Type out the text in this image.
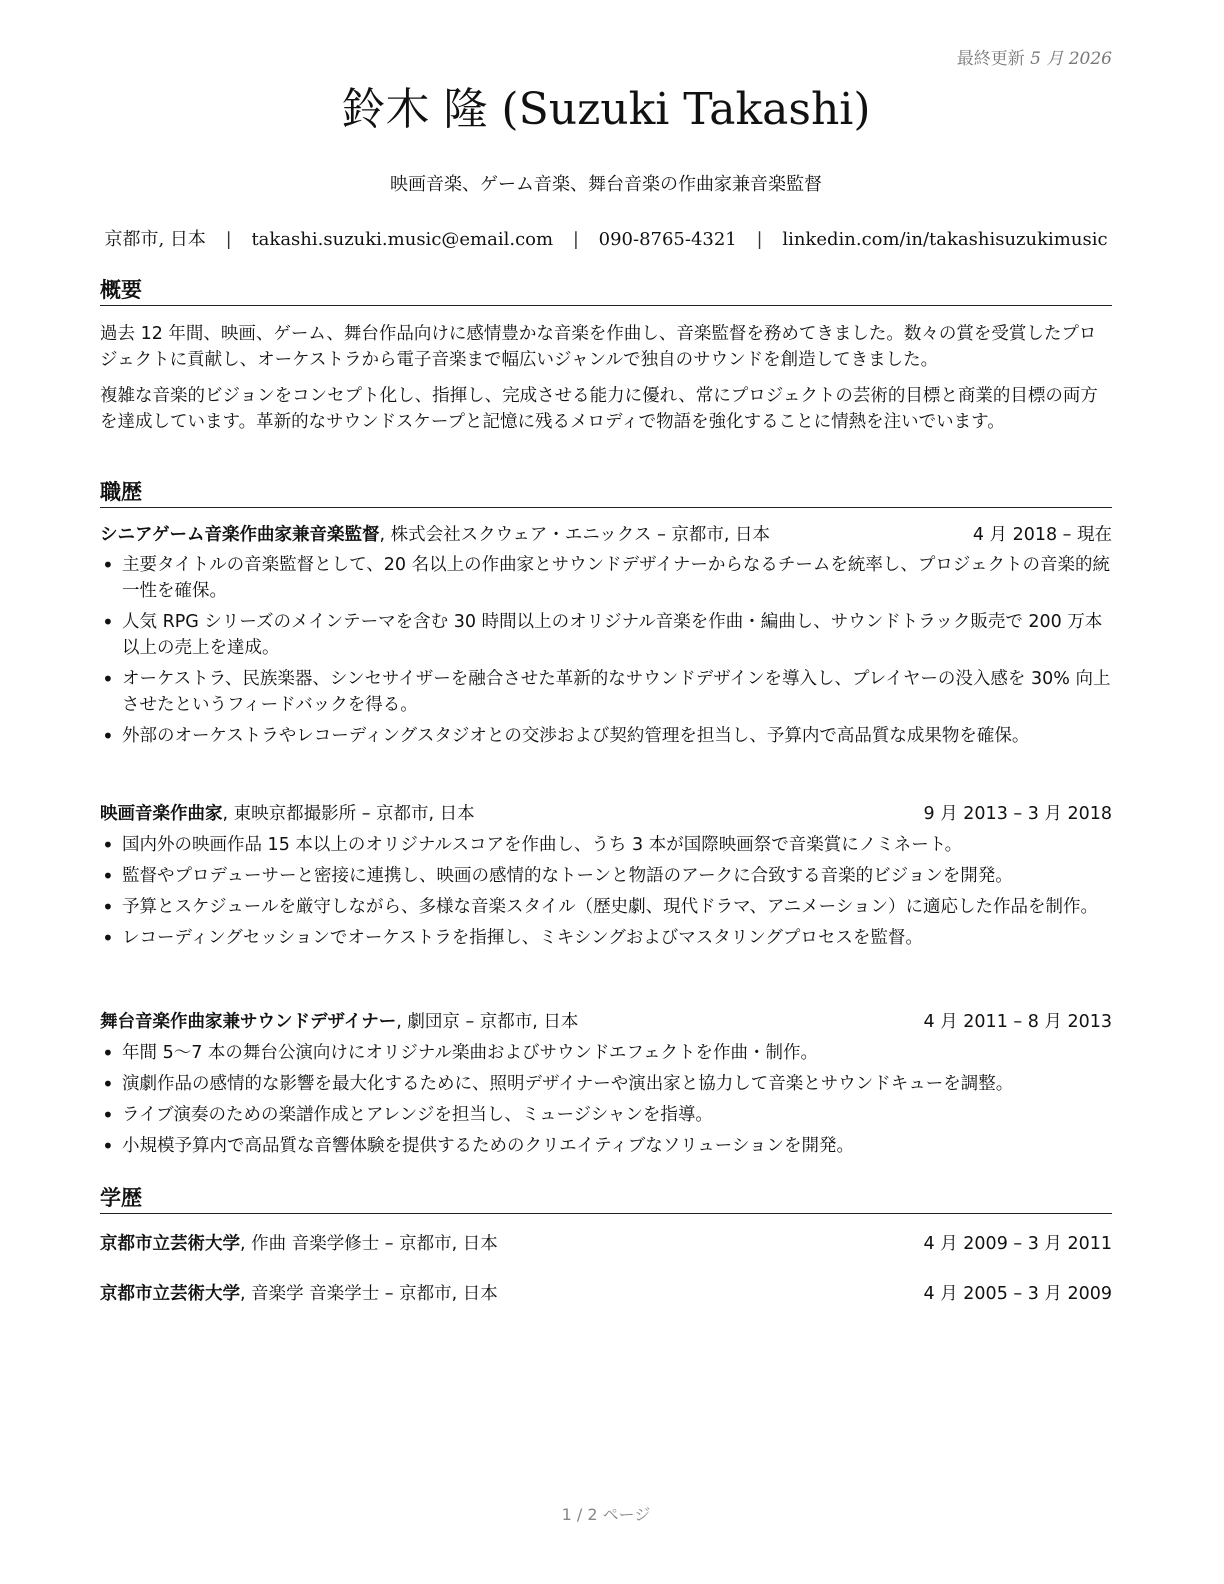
最終更新 5 月 2026
鈴木 隆 (Suzuki Takashi)
映画音楽、ゲーム音楽、舞台音楽の作曲家兼音楽監督
京都市, 日本 | takashi.suzuki.music@email.com | 090-8765-4321 | linkedin.com/in/takashisuzukimusic
概要

過去 12 年間、映画、ゲーム、舞台作品向けに感情豊かな音楽を作曲し、音楽監督を務めてきました。数々の賞を受賞したプロジェクトに貢献し、オーケストラから電子音楽まで幅広いジャンルで独自のサウンドを創造してきました。

複雑な音楽的ビジョンをコンセプト化し、指揮し、完成させる能力に優れ、常にプロジェクトの芸術的目標と商業的目標の両方を達成しています。革新的なサウンドスケープと記憶に残るメロディで物語を強化することに情熱を注いでいます。

職歴
シニアゲーム音楽作曲家兼音楽監督, 株式会社スクウェア・エニックス – 京都市, 日本	4 月 2018 – 現在
• 主要タイトルの音楽監督として、20 名以上の作曲家とサウンドデザイナーからなるチームを統率し、プロジェクトの音楽的統一性を確保。
• 人気 RPG シリーズのメインテーマを含む 30 時間以上のオリジナル音楽を作曲・編曲し、サウンドトラック販売で 200 万本以上の売上を達成。
• オーケストラ、民族楽器、シンセサイザーを融合させた革新的なサウンドデザインを導入し、プレイヤーの没入感を 30% 向上させたというフィードバックを得る。
• 外部のオーケストラやレコーディングスタジオとの交渉および契約管理を担当し、予算内で高品質な成果物を確保。
映画音楽作曲家, 東映京都撮影所 – 京都市, 日本	9 月 2013 – 3 月 2018
• 国内外の映画作品 15 本以上のオリジナルスコアを作曲し、うち 3 本が国際映画祭で音楽賞にノミネート。
• 監督やプロデューサーと密接に連携し、映画の感情的なトーンと物語のアークに合致する音楽的ビジョンを開発。
• 予算とスケジュールを厳守しながら、多様な音楽スタイル（歴史劇、現代ドラマ、アニメーション）に適応した作品を制作。
• レコーディングセッションでオーケストラを指揮し、ミキシングおよびマスタリングプロセスを監督。
舞台音楽作曲家兼サウンドデザイナー, 劇団京 – 京都市, 日本	4 月 2011 – 8 月 2013
• 年間 5〜7 本の舞台公演向けにオリジナル楽曲およびサウンドエフェクトを作曲・制作。
• 演劇作品の感情的な影響を最大化するために、照明デザイナーや演出家と協力して音楽とサウンドキューを調整。
• ライブ演奏のための楽譜作成とアレンジを担当し、ミュージシャンを指導。
• 小規模予算内で高品質な音響体験を提供するためのクリエイティブなソリューションを開発。
学歴
京都市立芸術大学, 作曲 音楽学修士 – 京都市, 日本	4 月 2009 – 3 月 2011
京都市立芸術大学, 音楽学 音楽学士 – 京都市, 日本	4 月 2005 – 3 月 2009
1 / 2 ページ
